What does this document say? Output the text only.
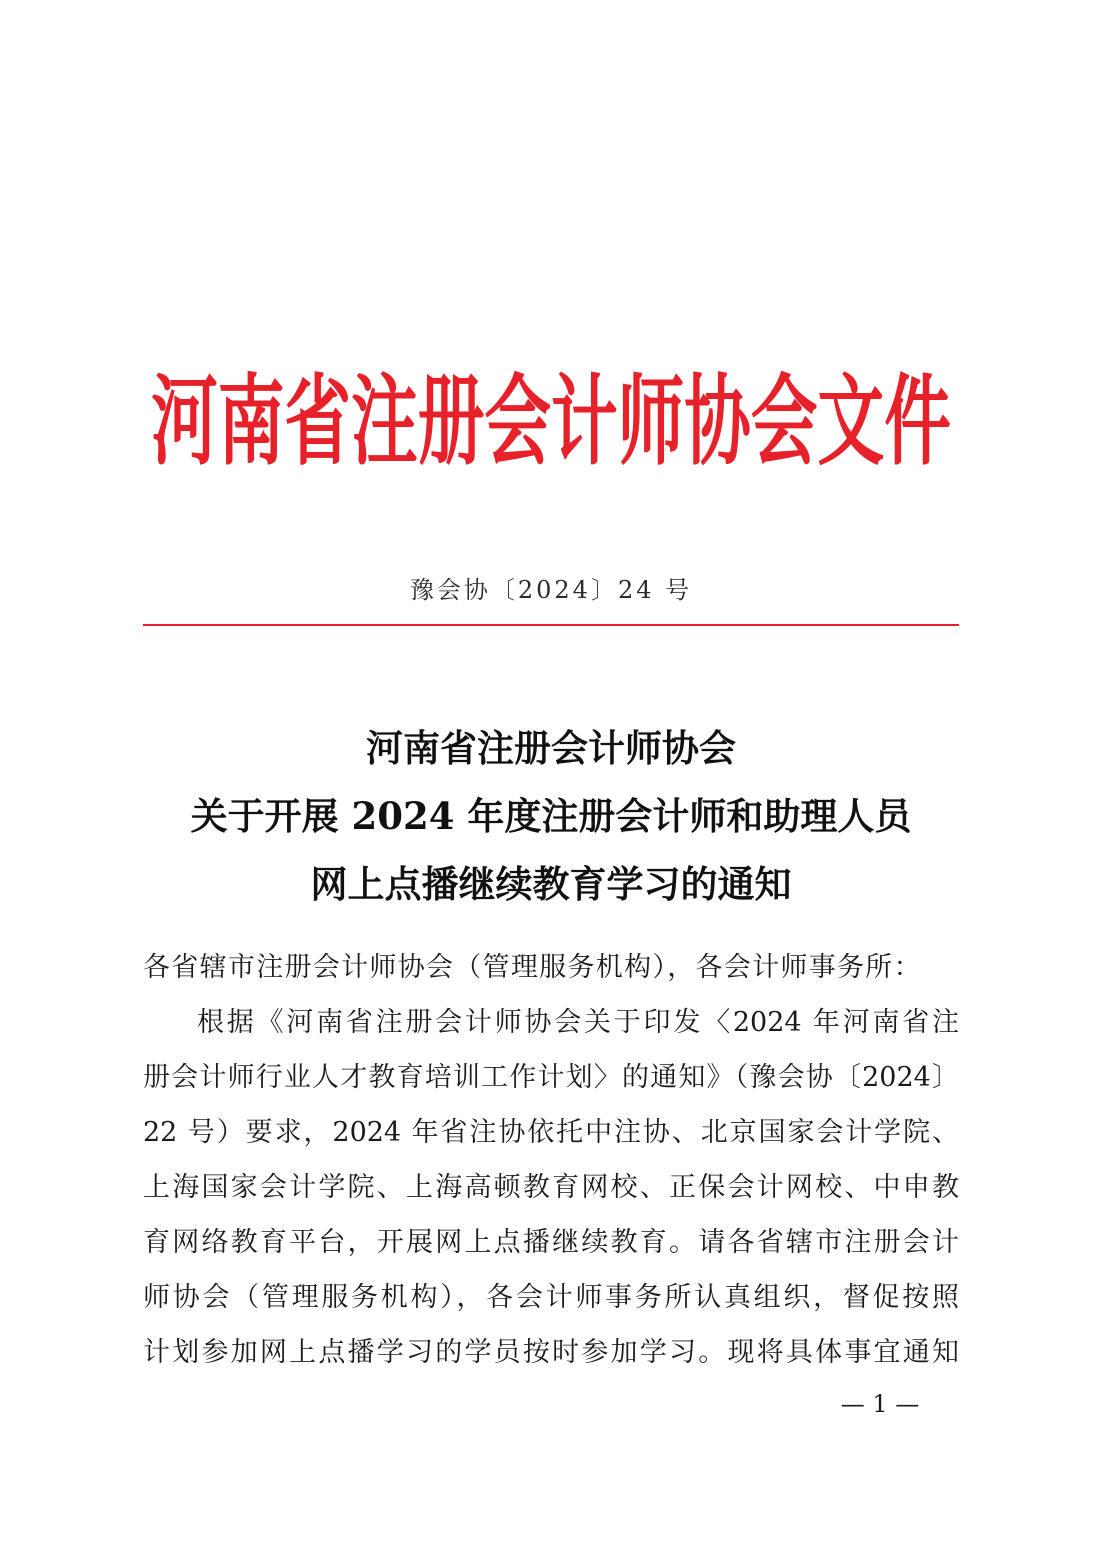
河南省注册会计师协会文件
豫会协〔2024〕24 号
河南省注册会计师协会
关于开展 2024 年度注册会计师和助理人员
网上点播继续教育学习的通知
各省辖市注册会计师协会（管理服务机构），各会计师事务所：
根据《河南省注册会计师协会关于印发〈2024 年河南省注
册会计师行业人才教育培训工作计划〉的通知》（豫会协〔2024〕
22 号）要求，2024 年省注协依托中注协、北京国家会计学院、
上海国家会计学院、上海高顿教育网校、正保会计网校、中申教
育网络教育平台，开展网上点播继续教育。请各省辖市注册会计
师协会（管理服务机构），各会计师事务所认真组织，督促按照
计划参加网上点播学习的学员按时参加学习。现将具体事宜通知
— 1 —
